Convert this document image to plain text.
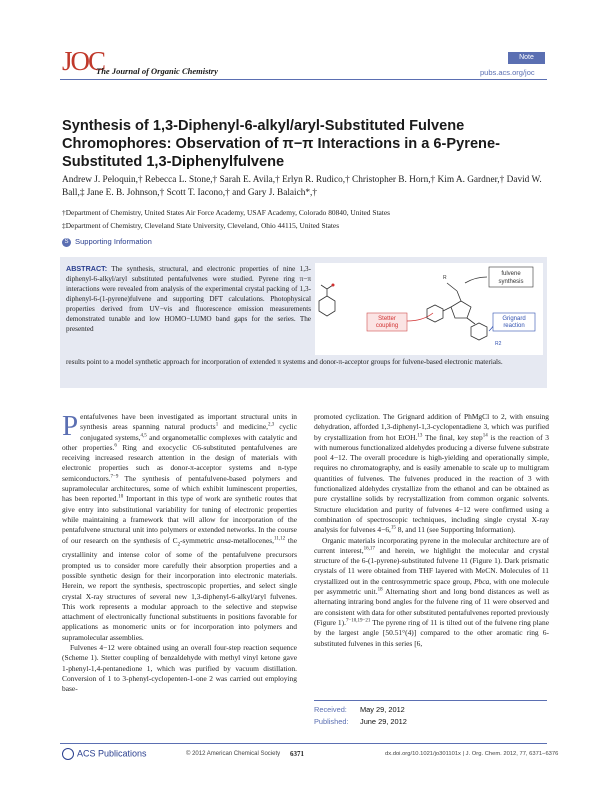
JOC
The Journal of Organic Chemistry
Note
pubs.acs.org/joc
Synthesis of 1,3-Diphenyl-6-alkyl/aryl-Substituted Fulvene Chromophores: Observation of π−π Interactions in a 6-Pyrene-Substituted 1,3-Diphenylfulvene
Andrew J. Peloquin,† Rebecca L. Stone,† Sarah E. Avila,† Erlyn R. Rudico,† Christopher B. Horn,† Kim A. Gardner,† David W. Ball,‡ Jane E. B. Johnson,† Scott T. Iacono,† and Gary J. Balaich*,†
†Department of Chemistry, United States Air Force Academy, USAF Academy, Colorado 80840, United States
‡Department of Chemistry, Cleveland State University, Cleveland, Ohio 44115, United States
S Supporting Information
ABSTRACT: The synthesis, structural, and electronic properties of nine 1,3-diphenyl-6-alkyl/aryl substituted pentafulvenes were studied. Pyrene ring π−π interactions were revealed from analysis of the experimental crystal packing of 1,3-diphenyl-6-(1-pyrene)fulvene and supporting DFT calculations. Photophysical properties derived from UV−vis and fluorescence emission measurements demonstrated tunable and low HOMO−LUMO band gaps for the series. The presented
results point to a model synthetic approach for incorporation of extended π systems and donor-π-acceptor groups for fulvene-based electronic materials.
Stetter
coupling
R
R2
fulvene
synthesis
Grignard
reaction

Pentafulvenes have been investigated as important structural units in synthesis areas spanning natural products$^1$ and medicine,$^{2,3}$ cyclic conjugated systems,$^{4,5}$ and organometallic complexes with catalytic and other properties.$^6$ Ring and exocyclic C6-substituted pentafulvenes are receiving increased research attention in the design of materials with electronic properties such as donor-π-acceptor systems and n-type semiconductors.$^{7-9}$ The synthesis of pentafulvene-based polymers and supramolecular architectures, some of which exhibit luminescent properties, has been reported.$^{10}$ Important in this type of work are synthetic routes that give entry into substitutional variability for tuning of electronic properties while maintaining a framework that will allow for incorporation of the pentafulvene structural unit into polymers or extended networks. In the course of our research on the synthesis of $C_2$-symmetric ansa-metallocenes,$^{11,12}$ the crystallinity and intense color of some of the pentafulvene precursors prompted us to consider more carefully their absorption properties and a possible synthetic design for their incorporation into electronic materials. Herein, we report the synthesis, spectroscopic properties, and select single crystal X-ray structures of several new 1,3-diphenyl-6-alkyl/aryl fulvenes. This work represents a modular approach to the selective and stepwise attachment of electronically functional substituents in positions favorable for applications as monomeric units or for incorporation into polymers and supramolecular assemblies.

Fulvenes 4−12 were obtained using an overall four-step reaction sequence (Scheme 1). Stetter coupling of benzaldehyde with methyl vinyl ketone gave 1-phenyl-1,4-pentanedione 1, which was purified by vacuum distillation. Conversion of 1 to 3-phenyl-cyclopenten-1-one 2 was carried out employing base-

promoted cyclization. The Grignard addition of PhMgCl to 2, with ensuing dehydration, afforded 1,3-diphenyl-1,3-cyclopentadiene 3, which was purified by crystallization from hot EtOH.$^{13}$ The final, key step$^{14}$ is the reaction of 3 with numerous functionalized aldehydes producing a diverse fulvene substrate pool 4−12. The overall procedure is high-yielding and operationally simple, requires no chromatography, and is easily amenable to scale up to multigram quantities of fulvenes. The fulvenes produced in the reaction of 3 with functionalized aldehydes crystallize from the ethanol and can be obtained as pure crystalline solids by recrystallization from common organic solvents. Structure elucidation and purity of fulvenes 4−12 were confirmed using a combination of spectroscopic techniques, including single crystal X-ray analysis for fulvenes 4−6,15 8, and 11 (see Supporting Information).

Organic materials incorporating pyrene in the molecular architecture are of current interest,$^{16,17}$ and herein, we highlight the molecular and crystal structure of the 6-(1-pyrene)-substituted fulvene 11 (Figure 1). Dark prismatic crystals of 11 were obtained from THF layered with MeCN. Molecules of 11 crystallized out in the centrosymmetric space group, Pbca, with one molecule per asymmetric unit.$^{18}$ Alternating short and long bond distances as well as alternating intraring bond angles for the fulvene ring of 11 were observed and are consistent with data for other substituted pentafulvenes reported previously (Figure 1).$^{7-10,19-21}$ The pyrene ring of 11 is tilted out of the fulvene ring plane by the largest angle [50.51°(4)] compared to the other aromatic ring 6-substituted fulvenes in this series [6,

Received: May 29, 2012
Published: June 29, 2012
ACS Publications	© 2012 American Chemical Society 6371	dx.doi.org/10.1021/jo301101x | J. Org. Chem. 2012, 77, 6371−6376
